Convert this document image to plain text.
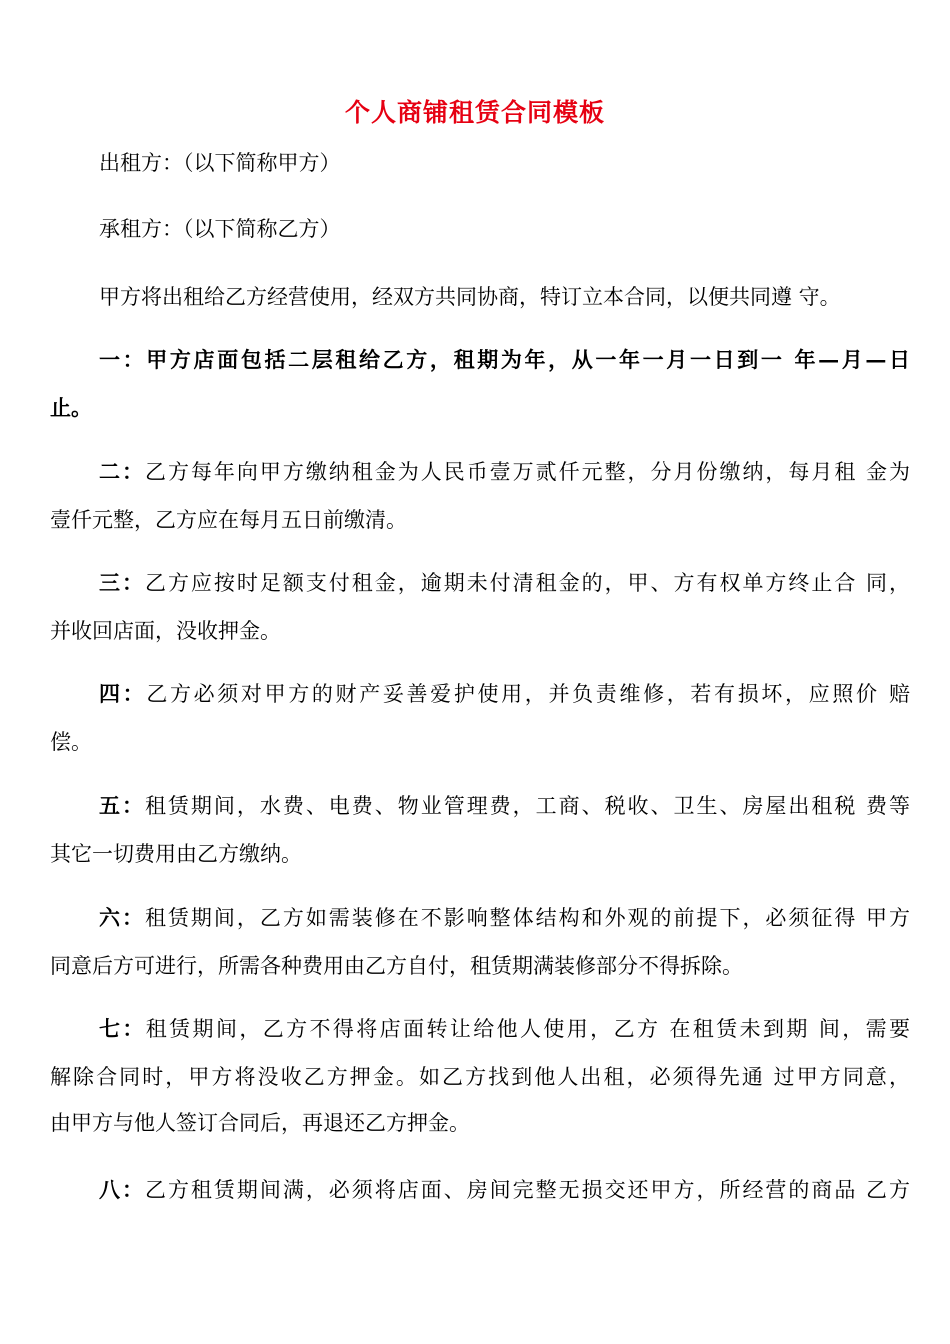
个人商铺租赁合同模板
出租方：（以下简称甲方）
承租方：（以下简称乙方）
甲方将出租给乙方经营使用，经双方共同协商，特订立本合同，以便共同遵 守。
一：甲方店面包括二层租给乙方，租期为年，从一年一月一日到一 年—月—日
止。
二：乙方每年向甲方缴纳租金为人民币壹万贰仟元整，分月份缴纳，每月租 金为
壹仟元整，乙方应在每月五日前缴清。
三：乙方应按时足额支付租金，逾期未付清租金的，甲、方有权单方终止合 同，
并收回店面，没收押金。
四：乙方必须对甲方的财产妥善爱护使用，并负责维修，若有损坏，应照价 赔
偿。
五：租赁期间，水费、电费、物业管理费，工商、税收、卫生、房屋出租税 费等
其它一切费用由乙方缴纳。
六：租赁期间，乙方如需装修在不影响整体结构和外观的前提下，必须征得 甲方
同意后方可进行，所需各种费用由乙方自付，租赁期满装修部分不得拆除。
七：租赁期间，乙方不得将店面转让给他人使用，乙方 在租赁未到期 间，需要
解除合同时，甲方将没收乙方押金。如乙方找到他人出租，必须得先通 过甲方同意，
由甲方与他人签订合同后，再退还乙方押金。
八：乙方租赁期间满，必须将店面、房间完整无损交还甲方，所经营的商品 乙方
